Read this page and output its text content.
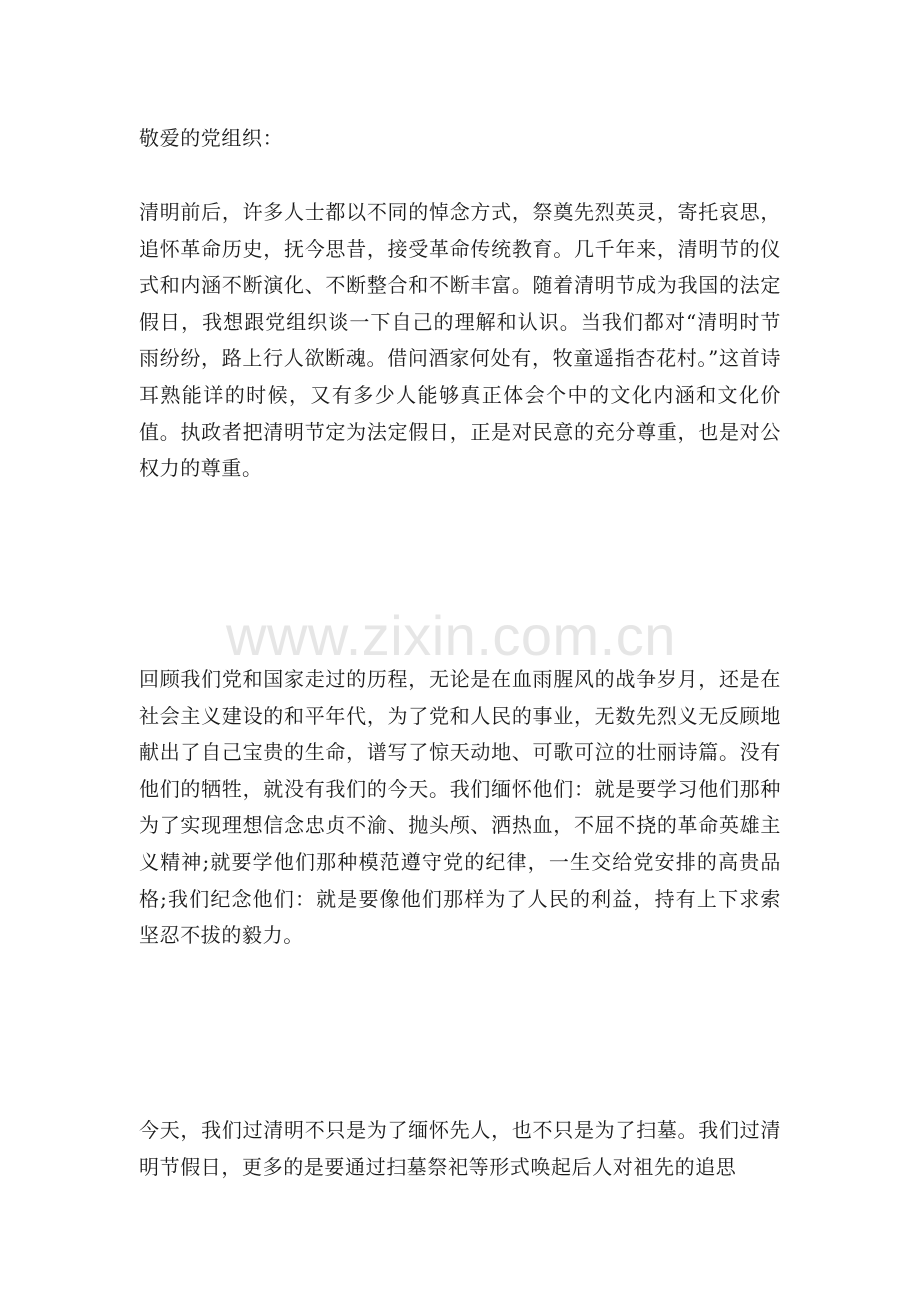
敬爱的党组织：
清明前后，许多人士都以不同的悼念方式，祭奠先烈英灵，寄托哀思，追怀革命历史，抚今思昔，接受革命传统教育。几千年来，清明节的仪式和内涵不断演化、不断整合和不断丰富。随着清明节成为我国的法定假日，我想跟党组织谈一下自己的理解和认识。当我们都对“清明时节雨纷纷，路上行人欲断魂。借问酒家何处有，牧童遥指杏花村。”这首诗耳熟能详的时候，又有多少人能够真正体会个中的文化内涵和文化价值。执政者把清明节定为法定假日，正是对民意的充分尊重，也是对公权力的尊重。
回顾我们党和国家走过的历程，无论是在血雨腥风的战争岁月，还是在社会主义建设的和平年代，为了党和人民的事业，无数先烈义无反顾地献出了自己宝贵的生命，谱写了惊天动地、可歌可泣的壮丽诗篇。没有他们的牺牲，就没有我们的今天。我们缅怀他们：就是要学习他们那种为了实现理想信念忠贞不渝、抛头颅、洒热血，不屈不挠的革命英雄主义精神;就要学他们那种模范遵守党的纪律，一生交给党安排的高贵品格;我们纪念他们：就是要像他们那样为了人民的利益，持有上下求索坚忍不拔的毅力。
今天，我们过清明不只是为了缅怀先人，也不只是为了扫墓。我们过清明节假日，更多的是要通过扫墓祭祀等形式唤起后人对祖先的追思
www.zixin.com.cn
